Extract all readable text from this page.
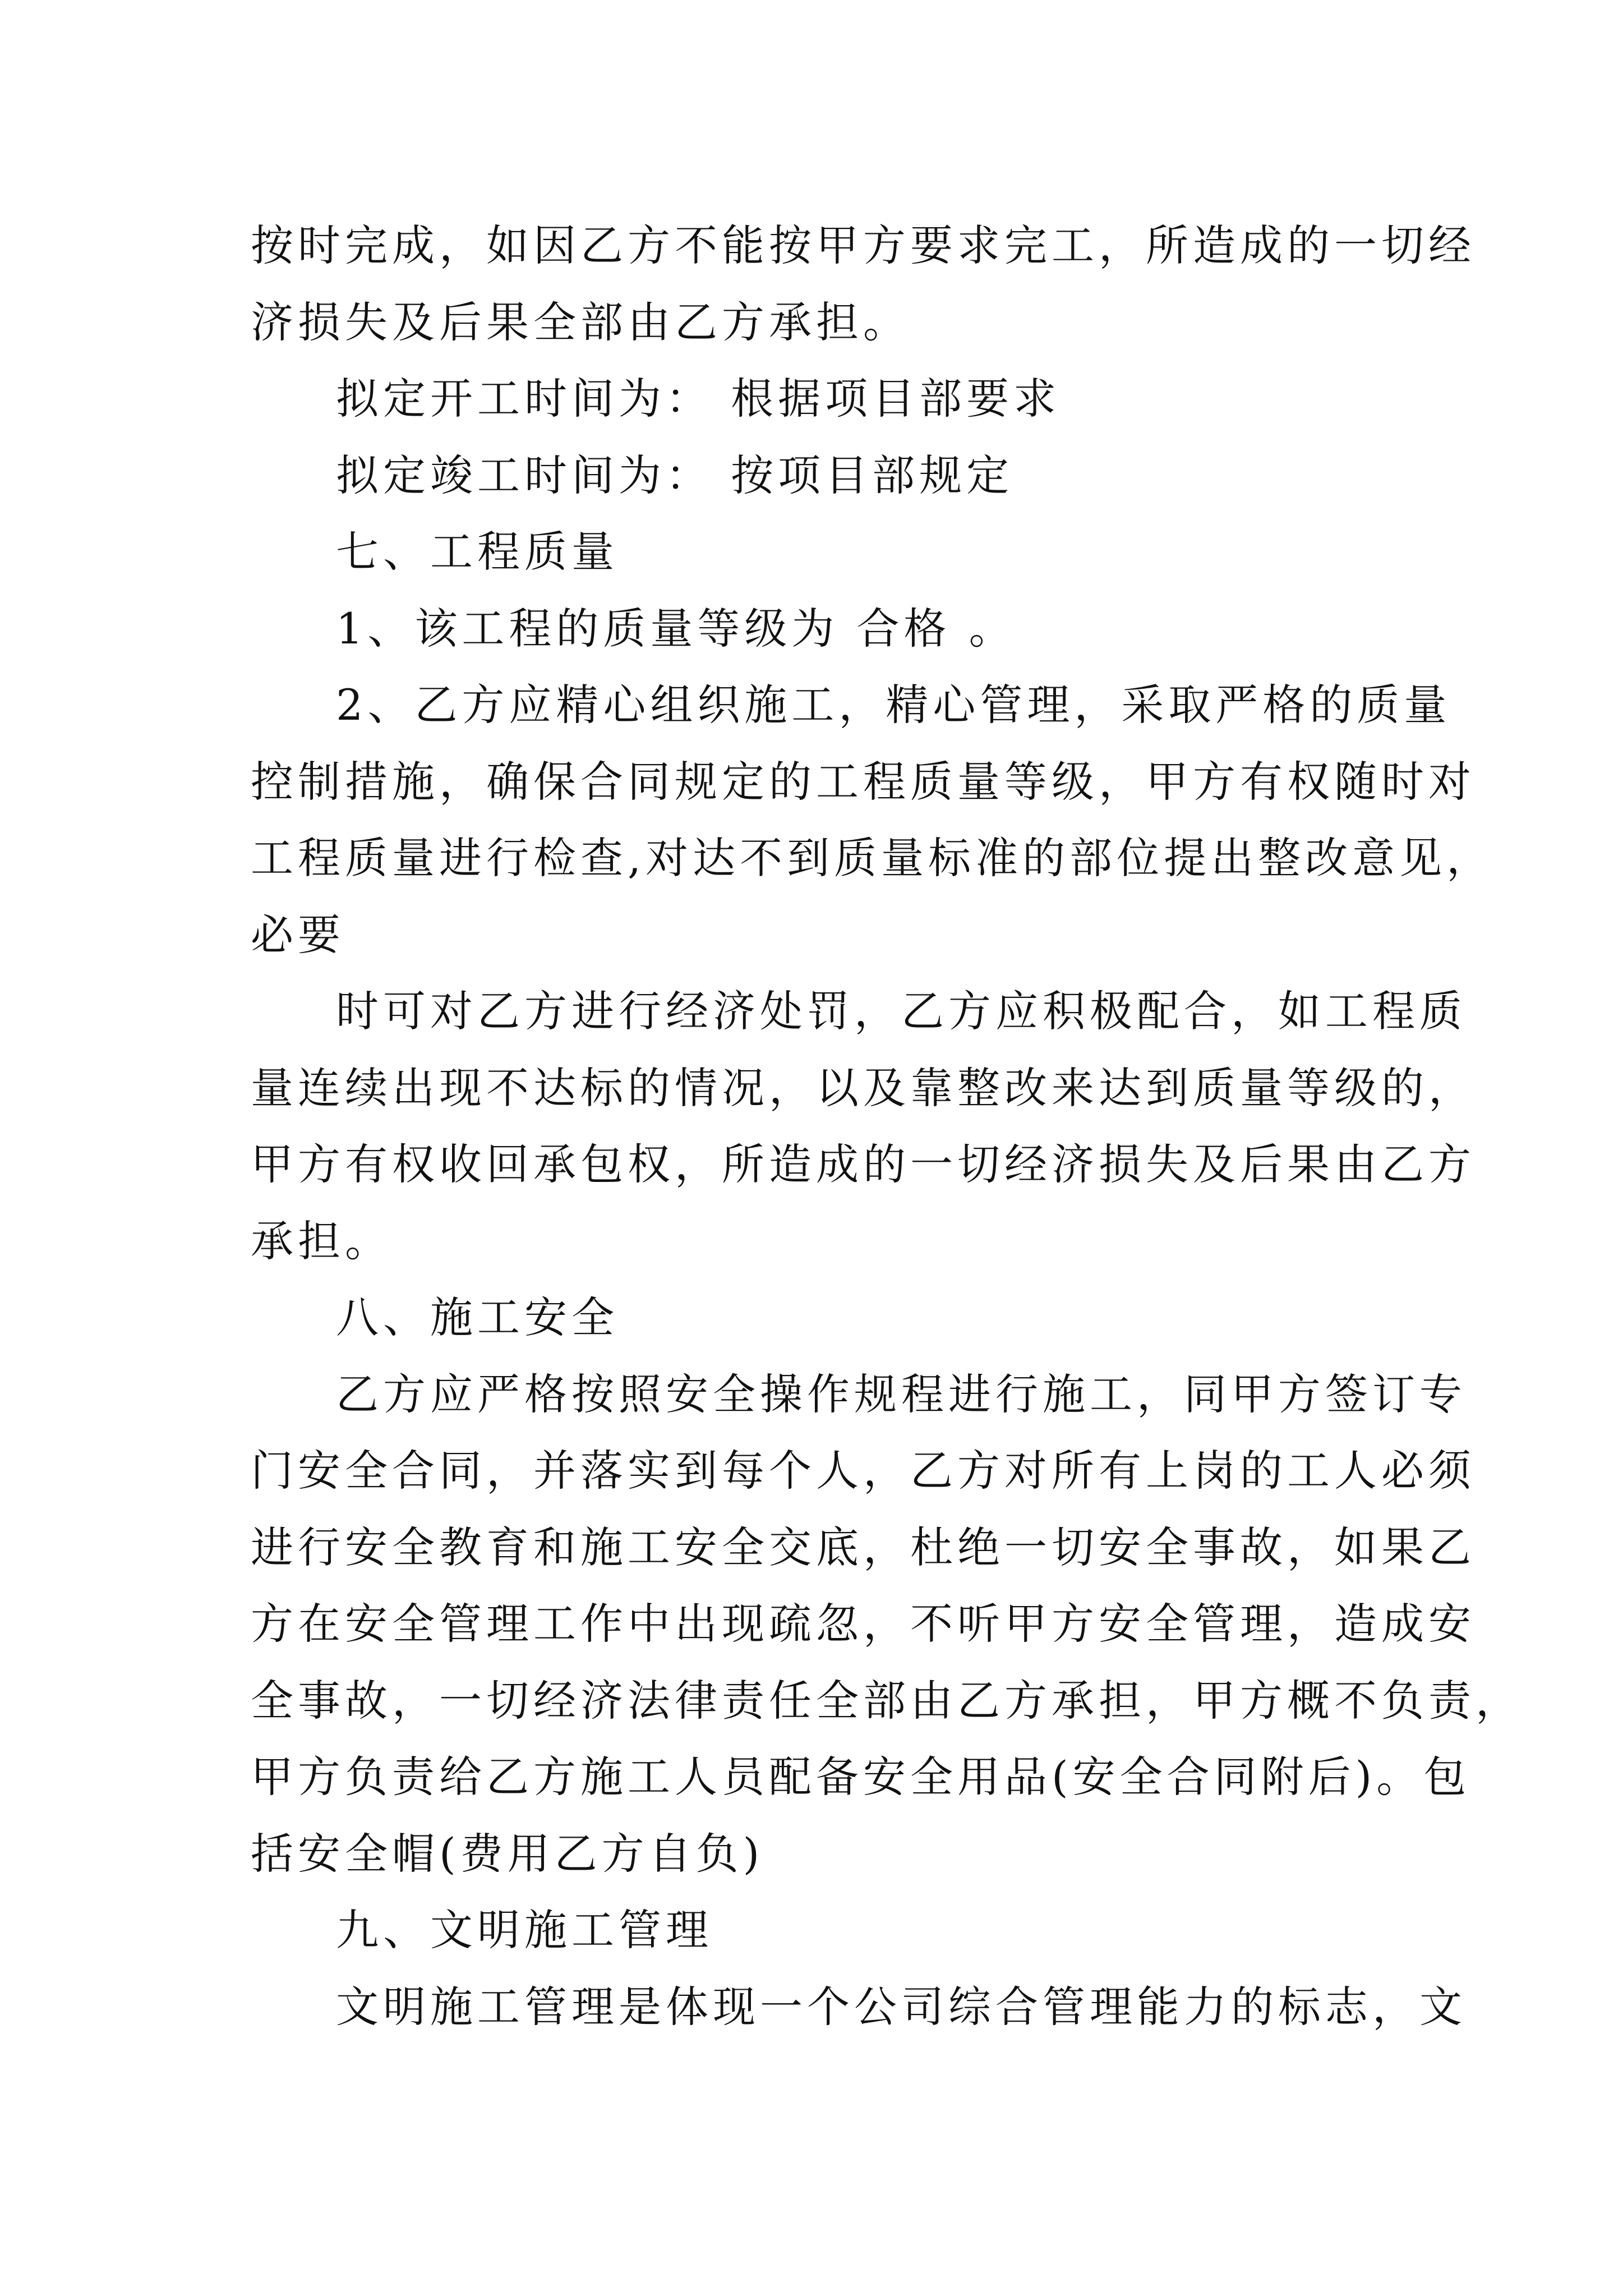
按时完成，如因乙方不能按甲方要求完工，所造成的一切经
济损失及后果全部由乙方承担。
拟定开工时间为： 根据项目部要求
拟定竣工时间为： 按项目部规定
七、工程质量
1、该工程的质量等级为 合格 。
2、乙方应精心组织施工，精心管理，采取严格的质量
控制措施，确保合同规定的工程质量等级，甲方有权随时对
工程质量进行检查,对达不到质量标准的部位提出整改意见，
必要
时可对乙方进行经济处罚，乙方应积极配合，如工程质
量连续出现不达标的情况，以及靠整改来达到质量等级的，
甲方有权收回承包权，所造成的一切经济损失及后果由乙方
承担。
八、施工安全
乙方应严格按照安全操作规程进行施工，同甲方签订专
门安全合同，并落实到每个人，乙方对所有上岗的工人必须
进行安全教育和施工安全交底，杜绝一切安全事故，如果乙
方在安全管理工作中出现疏忽，不听甲方安全管理，造成安
全事故，一切经济法律责任全部由乙方承担，甲方概不负责，
甲方负责给乙方施工人员配备安全用品(安全合同附后)。包
括安全帽(费用乙方自负)
九、文明施工管理
文明施工管理是体现一个公司综合管理能力的标志，文
